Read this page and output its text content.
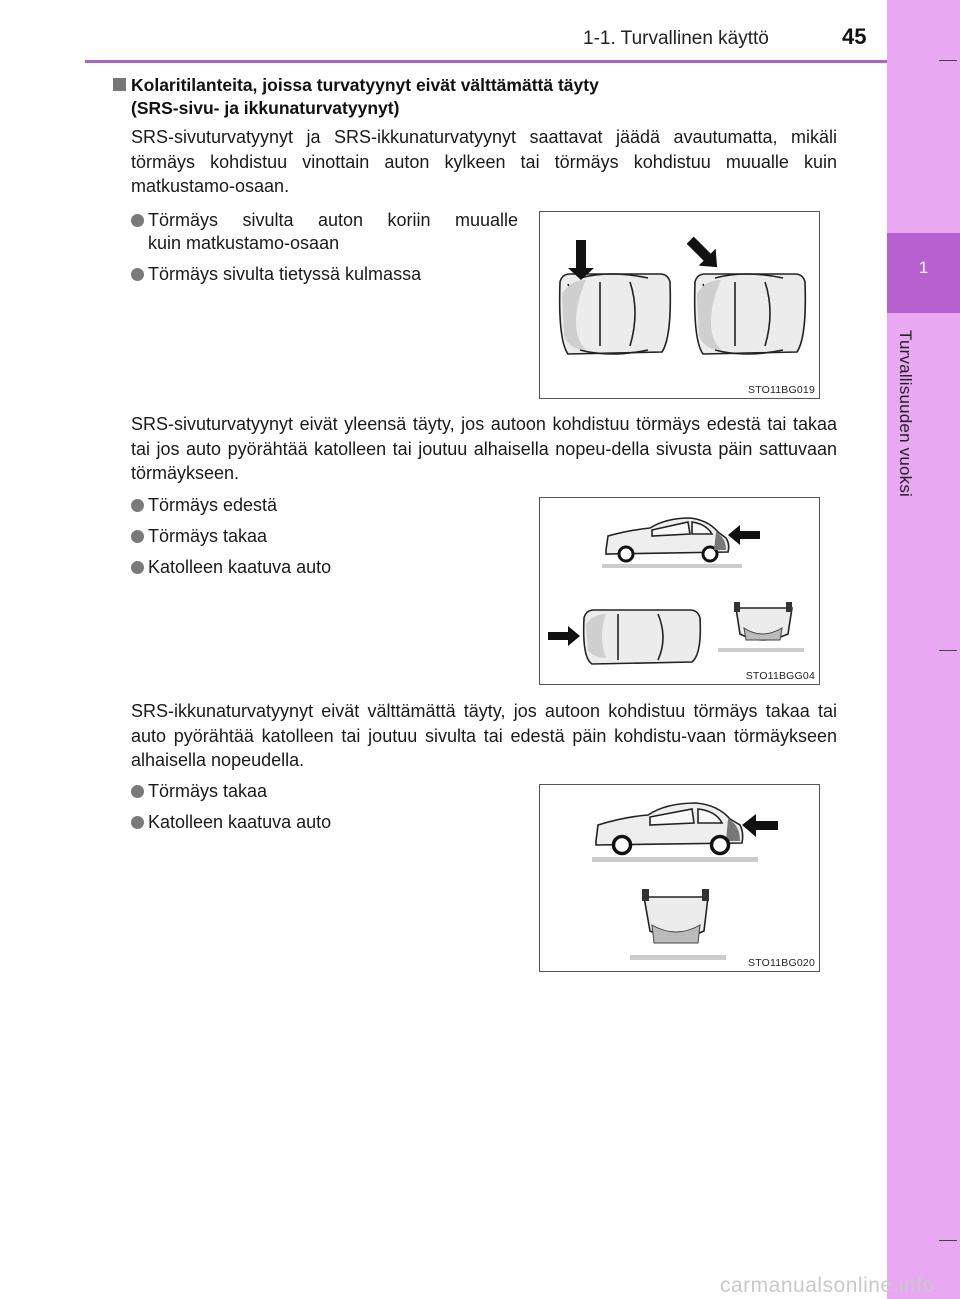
1-1. Turvallinen käyttö	45
1
Turvallisuuden vuoksi
Kolaritilanteita, joissa turvatyynyt eivät välttämättä täyty
(SRS-sivu- ja ikkunaturvatyynyt)
SRS-sivuturvatyynyt ja SRS-ikkunaturvatyynyt saattavat jäädä avautumatta, mikäli törmäys kohdistuu vinottain auton kylkeen tai törmäys kohdistuu muualle kuin matkustamo-osaan.
Törmäys sivulta auton koriin muualle
kuin matkustamo-osaan
Törmäys sivulta tietyssä kulmassa
STO11BG019
SRS-sivuturvatyynyt eivät yleensä täyty, jos autoon kohdistuu törmäys edestä tai takaa tai jos auto pyörähtää katolleen tai joutuu alhaisella nopeu-della sivusta päin sattuvaan törmäykseen.
Törmäys edestä
Törmäys takaa
Katolleen kaatuva auto
STO11BGG04
SRS-ikkunaturvatyynyt eivät välttämättä täyty, jos autoon kohdistuu törmäys takaa tai auto pyörähtää katolleen tai joutuu sivulta tai edestä päin kohdistu-vaan törmäykseen alhaisella nopeudella.
Törmäys takaa
Katolleen kaatuva auto
STO11BG020
carmanualsonline.info
